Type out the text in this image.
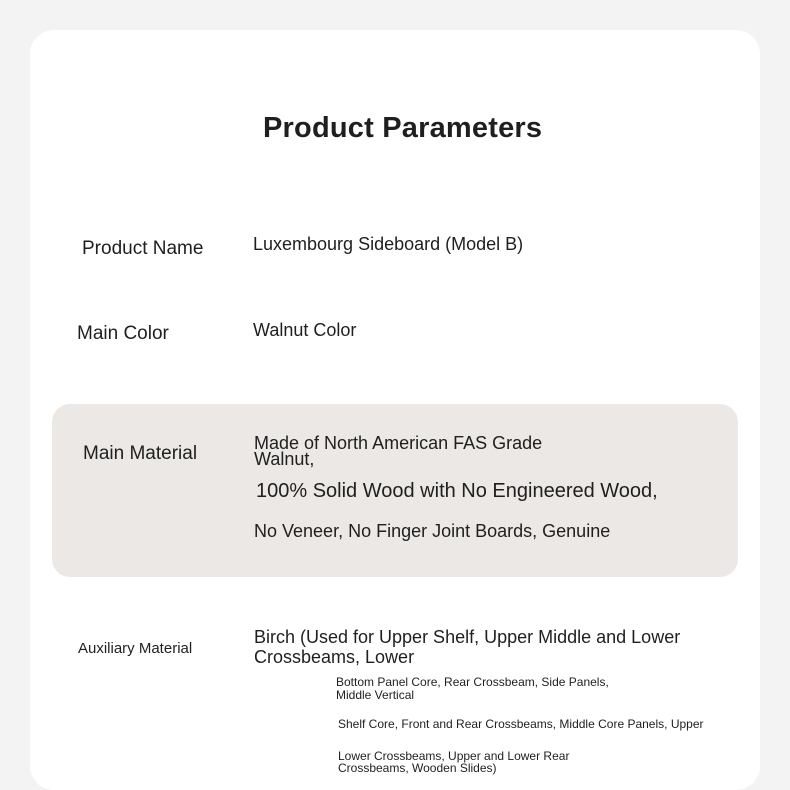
Product Parameters
Product Name	Luxembourg Sideboard (Model B)
Main Color	Walnut Color
Main Material	Made of North American FAS Grade
Walnut,
100% Solid Wood with No Engineered Wood,
No Veneer, No Finger Joint Boards, Genuine
Auxiliary Material
Birch (Used for Upper Shelf, Upper Middle and Lower
Crossbeams, Lower
Bottom Panel Core, Rear Crossbeam, Side Panels,
Middle Vertical
Shelf Core, Front and Rear Crossbeams, Middle Core Panels, Upper
Lower Crossbeams, Upper and Lower Rear
Crossbeams, Wooden Slides)
